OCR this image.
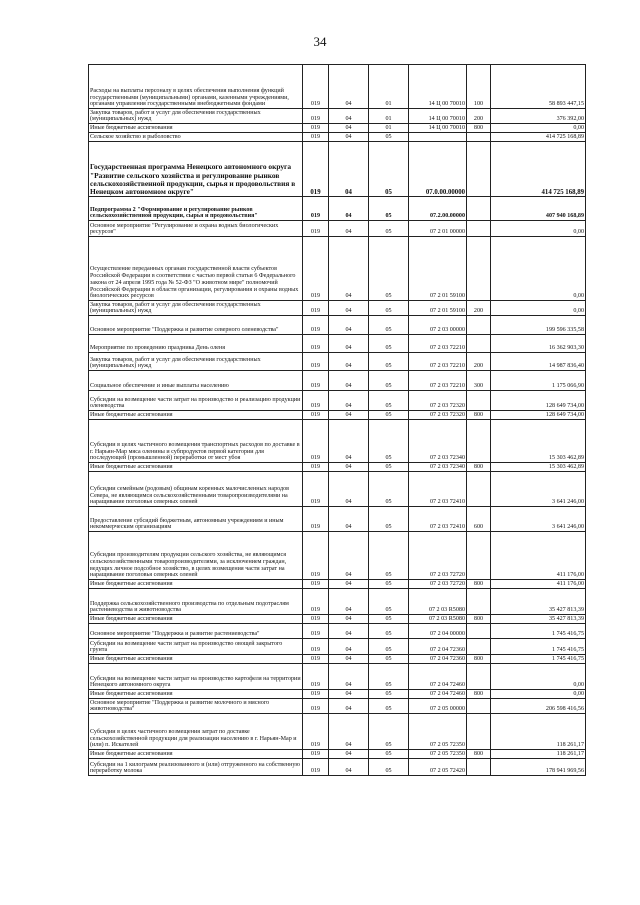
34
Расходы на выплаты персоналу в целях обеспечения выполнения функций государственными (муниципальными) органами, казенными учреждениями, органами управления государственными внебюджетными фондами	019	04	01	14 Ц 00 70010	100	58 893 447,15
Закупка товаров, работ и услуг для обеспечения государственных (муниципальных) нужд	019	04	01	14 Ц 00 70010	200	376 392,00
Иные бюджетные ассигнования	019	04	01	14 Ц 00 70010	800	0,00
Сельское хозяйство и рыболовство	019	04	05			414 725 168,89
Государственная программа Ненецкого автономного округа "Развитие сельского хозяйства и регулирование рынков сельскохозяйственной продукции, сырья и продовольствия в Ненецком автономном округе"	019	04	05	07.0.00.00000		414 725 168,89
Подпрограмма 2 "Формирование и регулирование рынков сельскохозяйственной продукции, сырья и продовольствия"	019	04	05	07.2.00.00000		407 940 168,89
Основное мероприятие "Регулирование и охрана водных биологических ресурсов"	019	04	05	07 2 01 00000		0,00
Осуществление переданных органам государственной власти субъектов Российской Федерации в соответствии с частью первой статьи 6 Федерального закона от 24 апреля 1995 года № 52-ФЗ "О животном мире" полномочий Российской Федерации в области организации, регулирования и охраны водных биологических ресурсов	019	04	05	07 2 01 59100		0,00
Закупка товаров, работ и услуг для обеспечения государственных (муниципальных) нужд	019	04	05	07 2 01 59100	200	0,00
Основное мероприятие "Поддержка и развитие северного оленеводства"	019	04	05	07 2 03 00000		199 596 335,58
Мероприятие по проведению праздника День оленя	019	04	05	07 2 03 72210		16 362 903,30
Закупка товаров, работ и услуг для обеспечения государственных (муниципальных) нужд	019	04	05	07 2 03 72210	200	14 987 836,40
Социальное обеспечение и иные выплаты населению	019	04	05	07 2 03 72210	300	1 175 066,90
Субсидии на возмещение части затрат на производство и реализацию продукции оленеводства	019	04	05	07 2 03 72320		128 649 734,00
Иные бюджетные ассигнования	019	04	05	07 2 03 72320	800	128 649 734,00
Субсидии в целях частичного возмещения транспортных расходов по доставке в г. Нарьян-Мар мяса оленины и субпродуктов первой категории для последующей (промышленной) переработки от мест убоя	019	04	05	07 2 03 72340		15 303 462,89
Иные бюджетные ассигнования	019	04	05	07 2 03 72340	800	15 303 462,89
Субсидии семейным (родовым) общинам коренных малочисленных народов Севера, не являющимся сельскохозяйственными товаропроизводителями на наращивание поголовья северных оленей	019	04	05	07 2 03 72410		3 641 246,00
Предоставление субсидий бюджетным, автономным учреждениям и иным некоммерческим организациям	019	04	05	07 2 03 72410	600	3 641 246,00
Субсидии производителям продукции сельского хозяйства, не являющимся сельскохозяйственными товаропроизводителями, за исключением граждан, ведущих личное подсобное хозяйство, в целях возмещения части затрат на наращивание поголовья северных оленей	019	04	05	07 2 03 72720		411 176,00
Иные бюджетные ассигнования	019	04	05	07 2 03 72720	800	411 176,00
Поддержка сельскохозяйственного производства по отдельным подотраслям растениеводства и животноводства	019	04	05	07 2 03 R5080		35 427 813,39
Иные бюджетные ассигнования	019	04	05	07 2 03 R5080	800	35 427 813,39
Основное мероприятие "Поддержка и развитие растениеводства"	019	04	05	07 2 04 00000		1 745 416,75
Субсидии на возмещение части затрат на производство овощей закрытого грунта	019	04	05	07 2 04 72360		1 745 416,75
Иные бюджетные ассигнования	019	04	05	07 2 04 72360	800	1 745 416,75
Субсидии на возмещение части затрат на производство картофеля на территории Ненецкого автономного округа	019	04	05	07 2 04 72460		0,00
Иные бюджетные ассигнования	019	04	05	07 2 04 72460	800	0,00
Основное мероприятие "Поддержка и развитие молочного и мясного животноводства"	019	04	05	07 2 05 00000		206 598 416,56
Субсидии в целях частичного возмещения затрат по доставке сельскохозяйственной продукции для реализации населению в г. Нарьян-Мар и (или) п. Искателей	019	04	05	07 2 05 72350		118 261,17
Иные бюджетные ассигнования	019	04	05	07 2 05 72350	800	118 261,17
Субсидии на 1 килограмм реализованного и (или) отгруженного на собственную переработку молока	019	04	05	07 2 05 72420		178 941 969,56
